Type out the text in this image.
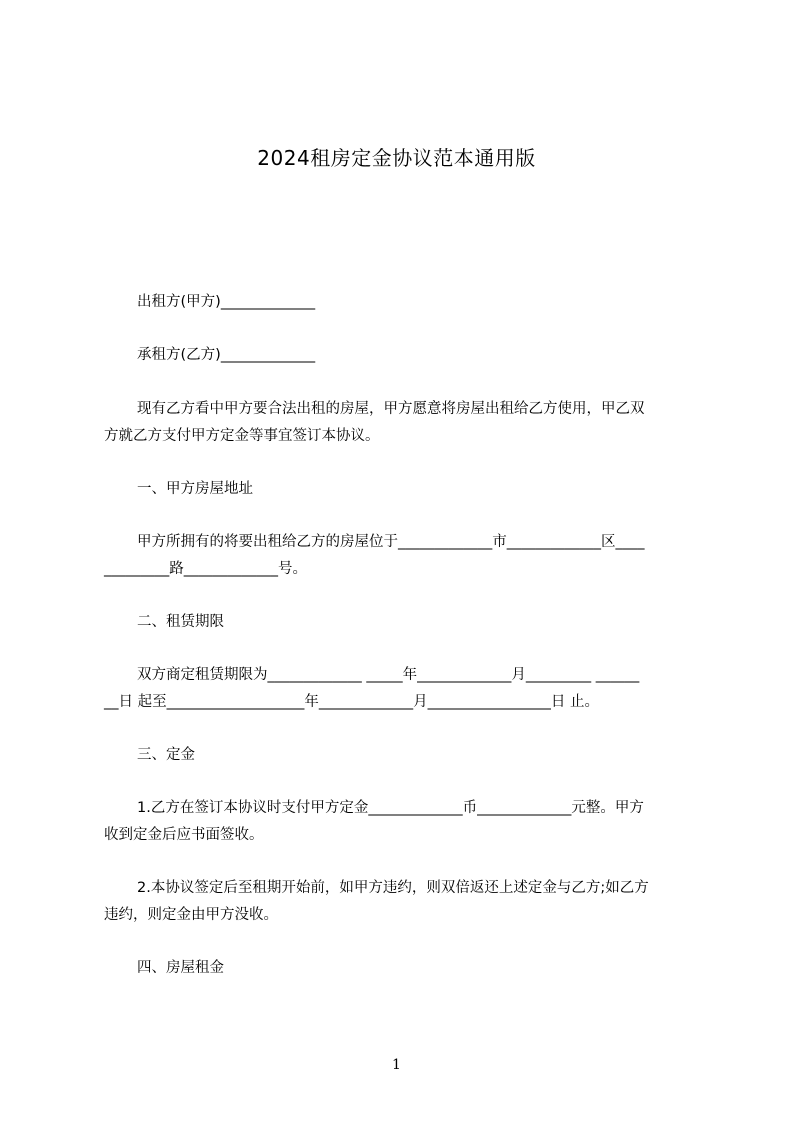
2024租房定金协议范本通用版
出租方(甲方)_____________
承租方(乙方)_____________
现有乙方看中甲方要合法出租的房屋，甲方愿意将房屋出租给乙方使用，甲乙双
方就乙方支付甲方定金等事宜签订本协议。
一、甲方房屋地址
甲方所拥有的将要出租给乙方的房屋位于_____________市_____________区____
_________路_____________号。
二、租赁期限
双方商定租赁期限为_____________ _____年_____________月_________ ______
__日 起至___________________年_____________月_________________日 止。
三、定金
1.乙方在签订本协议时支付甲方定金_____________币_____________元整。甲方
收到定金后应书面签收。
2.本协议签定后至租期开始前，如甲方违约，则双倍返还上述定金与乙方;如乙方
违约，则定金由甲方没收。
四、房屋租金
1
